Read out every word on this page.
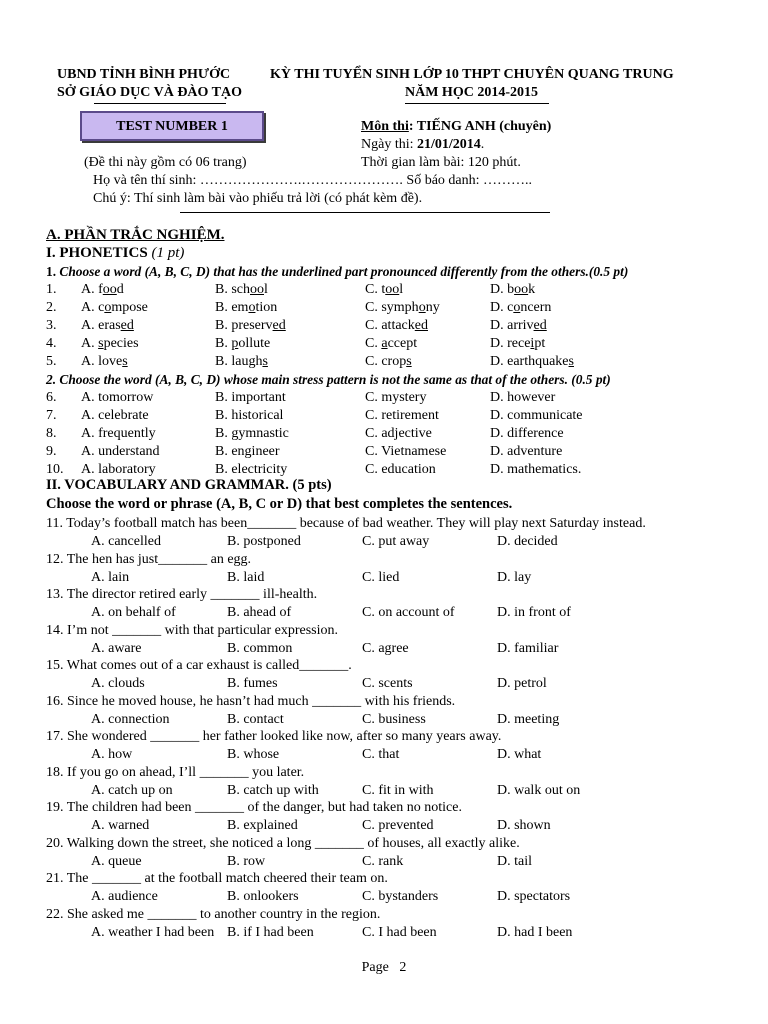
UBND TỈNH BÌNH PHƯỚC
SỞ GIÁO DỤC VÀ ĐÀO TẠO
KỲ THI TUYỂN SINH LỚP 10 THPT CHUYÊN QUANG TRUNG
NĂM HỌC 2014-2015
TEST NUMBER 1	Môn thi: TIẾNG ANH (chuyên)
Ngày thi: 21/01/2014.
(Đề thi này gồm có 06 trang)	Thời gian làm bài: 120 phút.
Họ và tên thí sinh: ………………….…………………. Số báo danh: ………..
Chú ý: Thí sinh làm bài vào phiếu trả lời (có phát kèm đề).
A. PHẦN TRẮC NGHIỆM.
I. PHONETICS (1 pt)
1. Choose a word (A, B, C, D) that has the underlined part pronounced differently from the others.(0.5 pt)
1. A. food	B. school	C. tool	D. book
2. A. compose	B. emotion	C. symphony	D. concern
3. A. erased	B. preserved	C. attacked	D. arrived
4. A. species	B. pollute	C. accept	D. receipt
5. A. loves	B. laughs	C. crops	D. earthquakes
2. Choose the word (A, B, C, D) whose main stress pattern is not the same as that of the others. (0.5 pt)
6. A. tomorrow	B. important	C. mystery	D. however
7. A. celebrate	B. historical	C. retirement	D. communicate
8. A. frequently	B. gymnastic	C. adjective	D. difference
9. A. understand	B. engineer	C. Vietnamese	D. adventure
10. A. laboratory	B. electricity	C. education	D. mathematics.
II. VOCABULARY AND GRAMMAR. (5 pts)
Choose the word or phrase (A, B, C or D) that best completes the sentences.
11. Today’s football match has been_______ because of bad weather. They will play next Saturday instead.
A. cancelled	B. postponed	C. put away	D. decided
12. The hen has just_______ an egg.
A. lain	B. laid	C. lied	D. lay
13. The director retired early _______ ill-health.
A. on behalf of	B. ahead of	C. on account of	D. in front of
14. I’m not _______ with that particular expression.
A. aware	B. common	C. agree	D. familiar
15. What comes out of a car exhaust is called_______.
A. clouds	B. fumes	C. scents	D. petrol
16. Since he moved house, he hasn’t had much _______ with his friends.
A. connection	B. contact	C. business	D. meeting
17. She wondered _______ her father looked like now, after so many years away.
A. how	B. whose	C. that	D. what
18. If you go on ahead, I’ll _______ you later.
A. catch up on	B. catch up with	C. fit in with	D. walk out on
19. The children had been _______ of the danger, but had taken no notice.
A. warned	B. explained	C. prevented	D. shown
20. Walking down the street, she noticed a long _______ of houses, all exactly alike.
A. queue	B. row	C. rank	D. tail
21. The _______ at the football match cheered their team on.
A. audience	B. onlookers	C. bystanders	D. spectators
22. She asked me _______ to another country in the region.
A. weather I had been B. if I had been	C. I had been	D. had I been
Page 2
